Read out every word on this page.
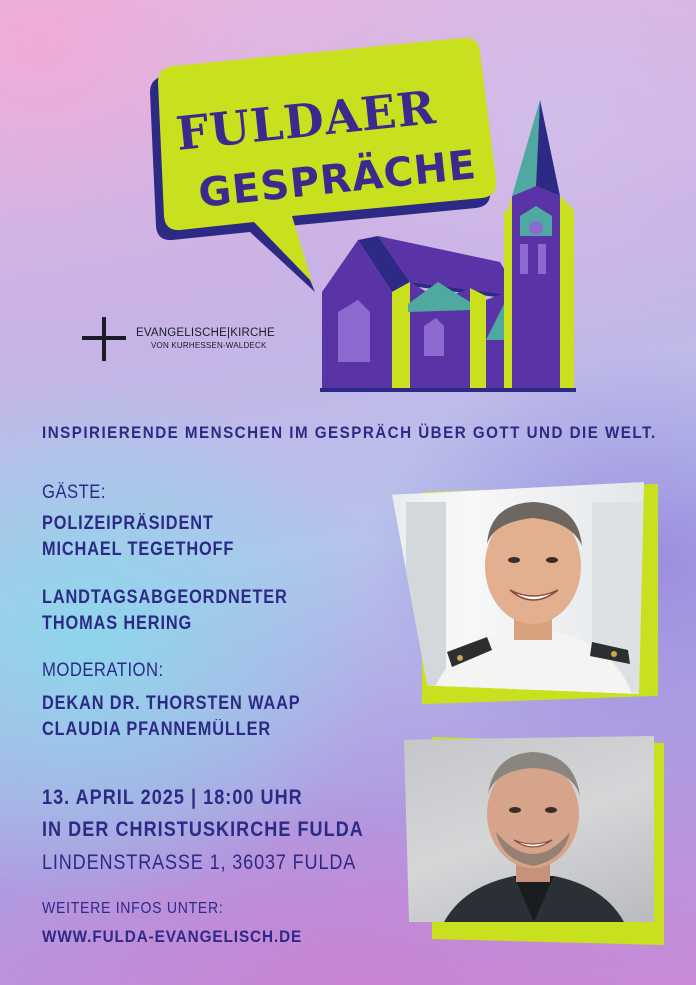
FULDAER
GESPRÄCHE
EVANGELISCHE|KIRCHE
VON KURHESSEN-WALDECK
INSPIRIERENDE MENSCHEN IM GESPRÄCH ÜBER GOTT UND DIE WELT.
GÄSTE:
POLIZEIPRÄSIDENT
MICHAEL TEGETHOFF
LANDTAGSABGEORDNETER
THOMAS HERING
MODERATION:
DEKAN DR. THORSTEN WAAP
CLAUDIA PFANNEMÜLLER
13. APRIL 2025 | 18:00 UHR
IN DER CHRISTUSKIRCHE FULDA
LINDENSTRASSE 1, 36037 FULDA
WEITERE INFOS UNTER:
WWW.FULDA-EVANGELISCH.DE
